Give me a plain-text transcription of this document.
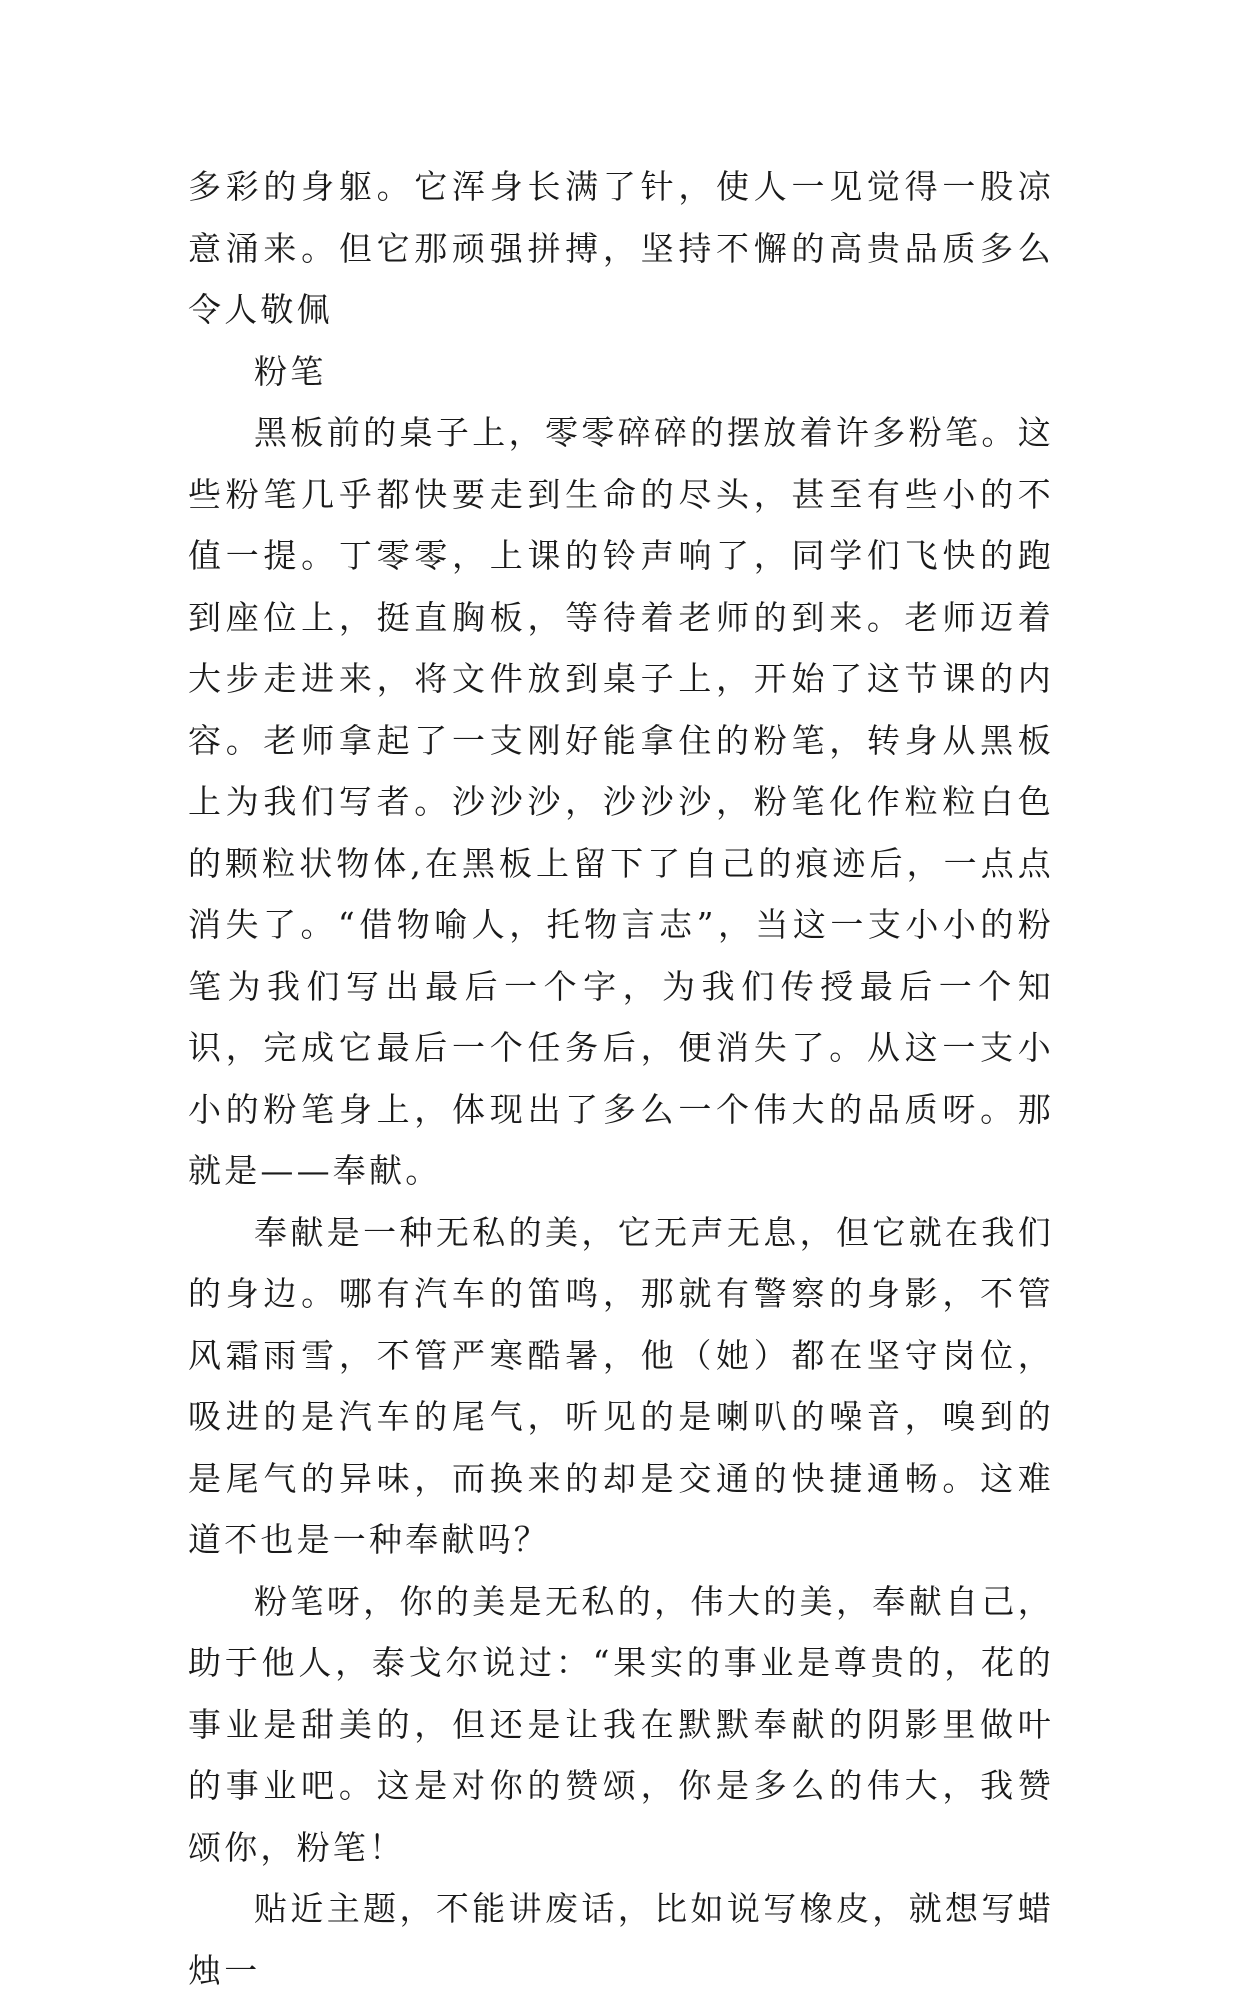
多彩的身躯。它浑身长满了针，使人一见觉得一股凉意涌来。但它那顽强拼搏，坚持不懈的高贵品质多么令人敬佩

粉笔

黑板前的桌子上，零零碎碎的摆放着许多粉笔。这些粉笔几乎都快要走到生命的尽头，甚至有些小的不值一提。丁零零，上课的铃声响了，同学们飞快的跑到座位上，挺直胸板，等待着老师的到来。老师迈着大步走进来，将文件放到桌子上，开始了这节课的内容。老师拿起了一支刚好能拿住的粉笔，转身从黑板上为我们写者。沙沙沙，沙沙沙，粉笔化作粒粒白色的颗粒状物体,在黑板上留下了自己的痕迹后，一点点消失了。“借物喻人，托物言志”，当这一支小小的粉笔为我们写出最后一个字，为我们传授最后一个知识，完成它最后一个任务后，便消失了。从这一支小小的粉笔身上，体现出了多么一个伟大的品质呀。那就是——奉献。

奉献是一种无私的美，它无声无息，但它就在我们的身边。哪有汽车的笛鸣，那就有警察的身影，不管风霜雨雪，不管严寒酷暑，他（她）都在坚守岗位，吸进的是汽车的尾气，听见的是喇叭的噪音，嗅到的是尾气的异味，而换来的却是交通的快捷通畅。这难道不也是一种奉献吗？

粉笔呀，你的美是无私的，伟大的美，奉献自己，助于他人，泰戈尔说过：“果实的事业是尊贵的，花的事业是甜美的，但还是让我在默默奉献的阴影里做叶的事业吧。这是对你的赞颂，你是多么的伟大，我赞颂你，粉笔！

贴近主题，不能讲废话，比如说写橡皮，就想写蜡烛一
